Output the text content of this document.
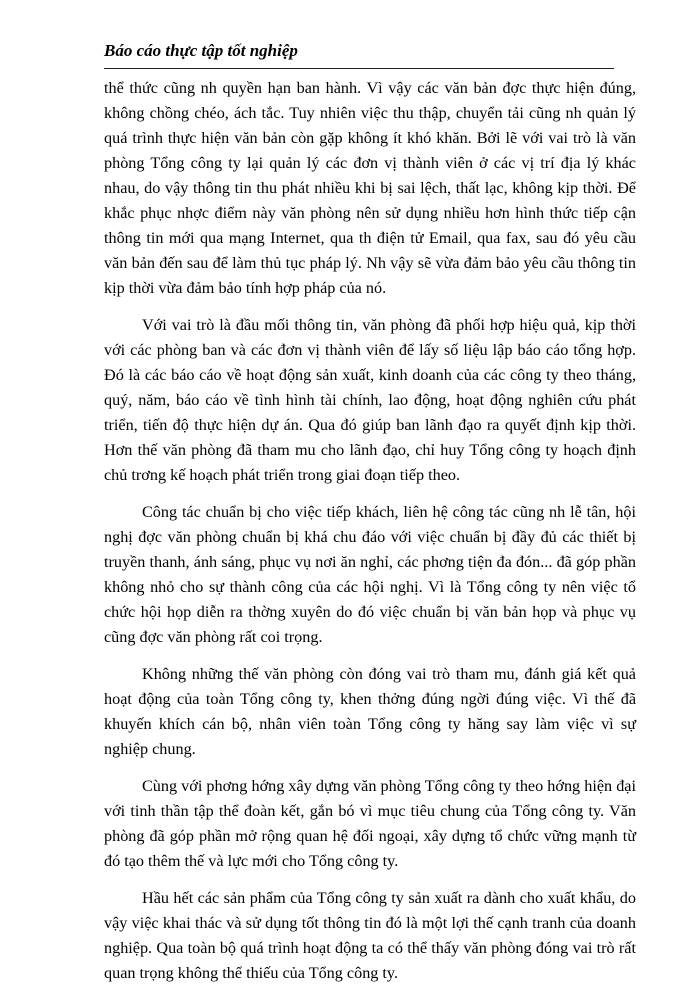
Báo cáo thực tập tốt nghiệp

thể thức cũng nh quyền hạn ban hành. Vì vậy các văn bản đợc thực hiện đúng, không chồng chéo, ách tắc. Tuy nhiên việc thu thập, chuyển tải cũng nh quản lý quá trình thực hiện văn bản còn gặp không ít khó khăn. Bởi lẽ với vai trò là văn phòng Tổng công ty lại quản lý các đơn vị thành viên ở các vị trí địa lý khác nhau, do vậy thông tin thu phát nhiều khi bị sai lệch, thất lạc, không kịp thời. Để khắc phục nhợc điểm này văn phòng nên sử dụng nhiều hơn hình thức tiếp cận thông tin mới qua mạng Internet, qua th điện tử Email, qua fax, sau đó yêu cầu văn bản đến sau để làm thủ tục pháp lý. Nh vậy sẽ vừa đảm bảo yêu cầu thông tin kịp thời vừa đảm bảo tính hợp pháp của nó.

Với vai trò là đầu mối thông tin, văn phòng đã phối hợp hiệu quả, kịp thời với các phòng ban và các đơn vị thành viên để lấy số liệu lập báo cáo tổng hợp. Đó là các báo cáo về hoạt động sản xuất, kinh doanh của các công ty theo tháng, quý, năm, báo cáo về tình hình tài chính, lao động, hoạt động nghiên cứu phát triển, tiến độ thực hiện dự án. Qua đó giúp ban lãnh đạo ra quyết định kịp thời. Hơn thế văn phòng đã tham mu cho lãnh đạo, chỉ huy Tổng công ty hoạch định chủ trơng kế hoạch phát triển trong giai đoạn tiếp theo.

Công tác chuẩn bị cho việc tiếp khách, liên hệ công tác cũng nh lễ tân, hội nghị đợc văn phòng chuẩn bị khá chu đáo với việc chuẩn bị đầy đủ các thiết bị truyền thanh, ánh sáng, phục vụ nơi ăn nghỉ, các phơng tiện đa đón... đã góp phần không nhỏ cho sự thành công của các hội nghị. Vì là Tổng công ty nên việc tổ chức hội họp diễn ra thờng xuyên do đó việc chuẩn bị văn bản họp và phục vụ cũng đợc văn phòng rất coi trọng.

Không những thế văn phòng còn đóng vai trò tham mu, đánh giá kết quả hoạt động của toàn Tổng công ty, khen thởng đúng ngời đúng việc. Vì thế đã khuyến khích cán bộ, nhân viên toàn Tổng công ty hăng say làm việc vì sự nghiệp chung.

Cùng với phơng hớng xây dựng văn phòng Tổng công ty theo hớng hiện đại với tinh thần tập thể đoàn kết, gắn bó vì mục tiêu chung của Tổng công ty. Văn phòng đã góp phần mở rộng quan hệ đối ngoại, xây dựng tổ chức vững mạnh từ đó tạo thêm thế và lực mới cho Tổng công ty.

Hầu hết các sản phẩm của Tổng công ty sản xuất ra dành cho xuất khẩu, do vậy việc khai thác và sử dụng tốt thông tin đó là một lợi thế cạnh tranh của doanh nghiệp. Qua toàn bộ quá trình hoạt động ta có thể thấy văn phòng đóng vai trò rất quan trọng không thể thiếu của Tổng công ty.
